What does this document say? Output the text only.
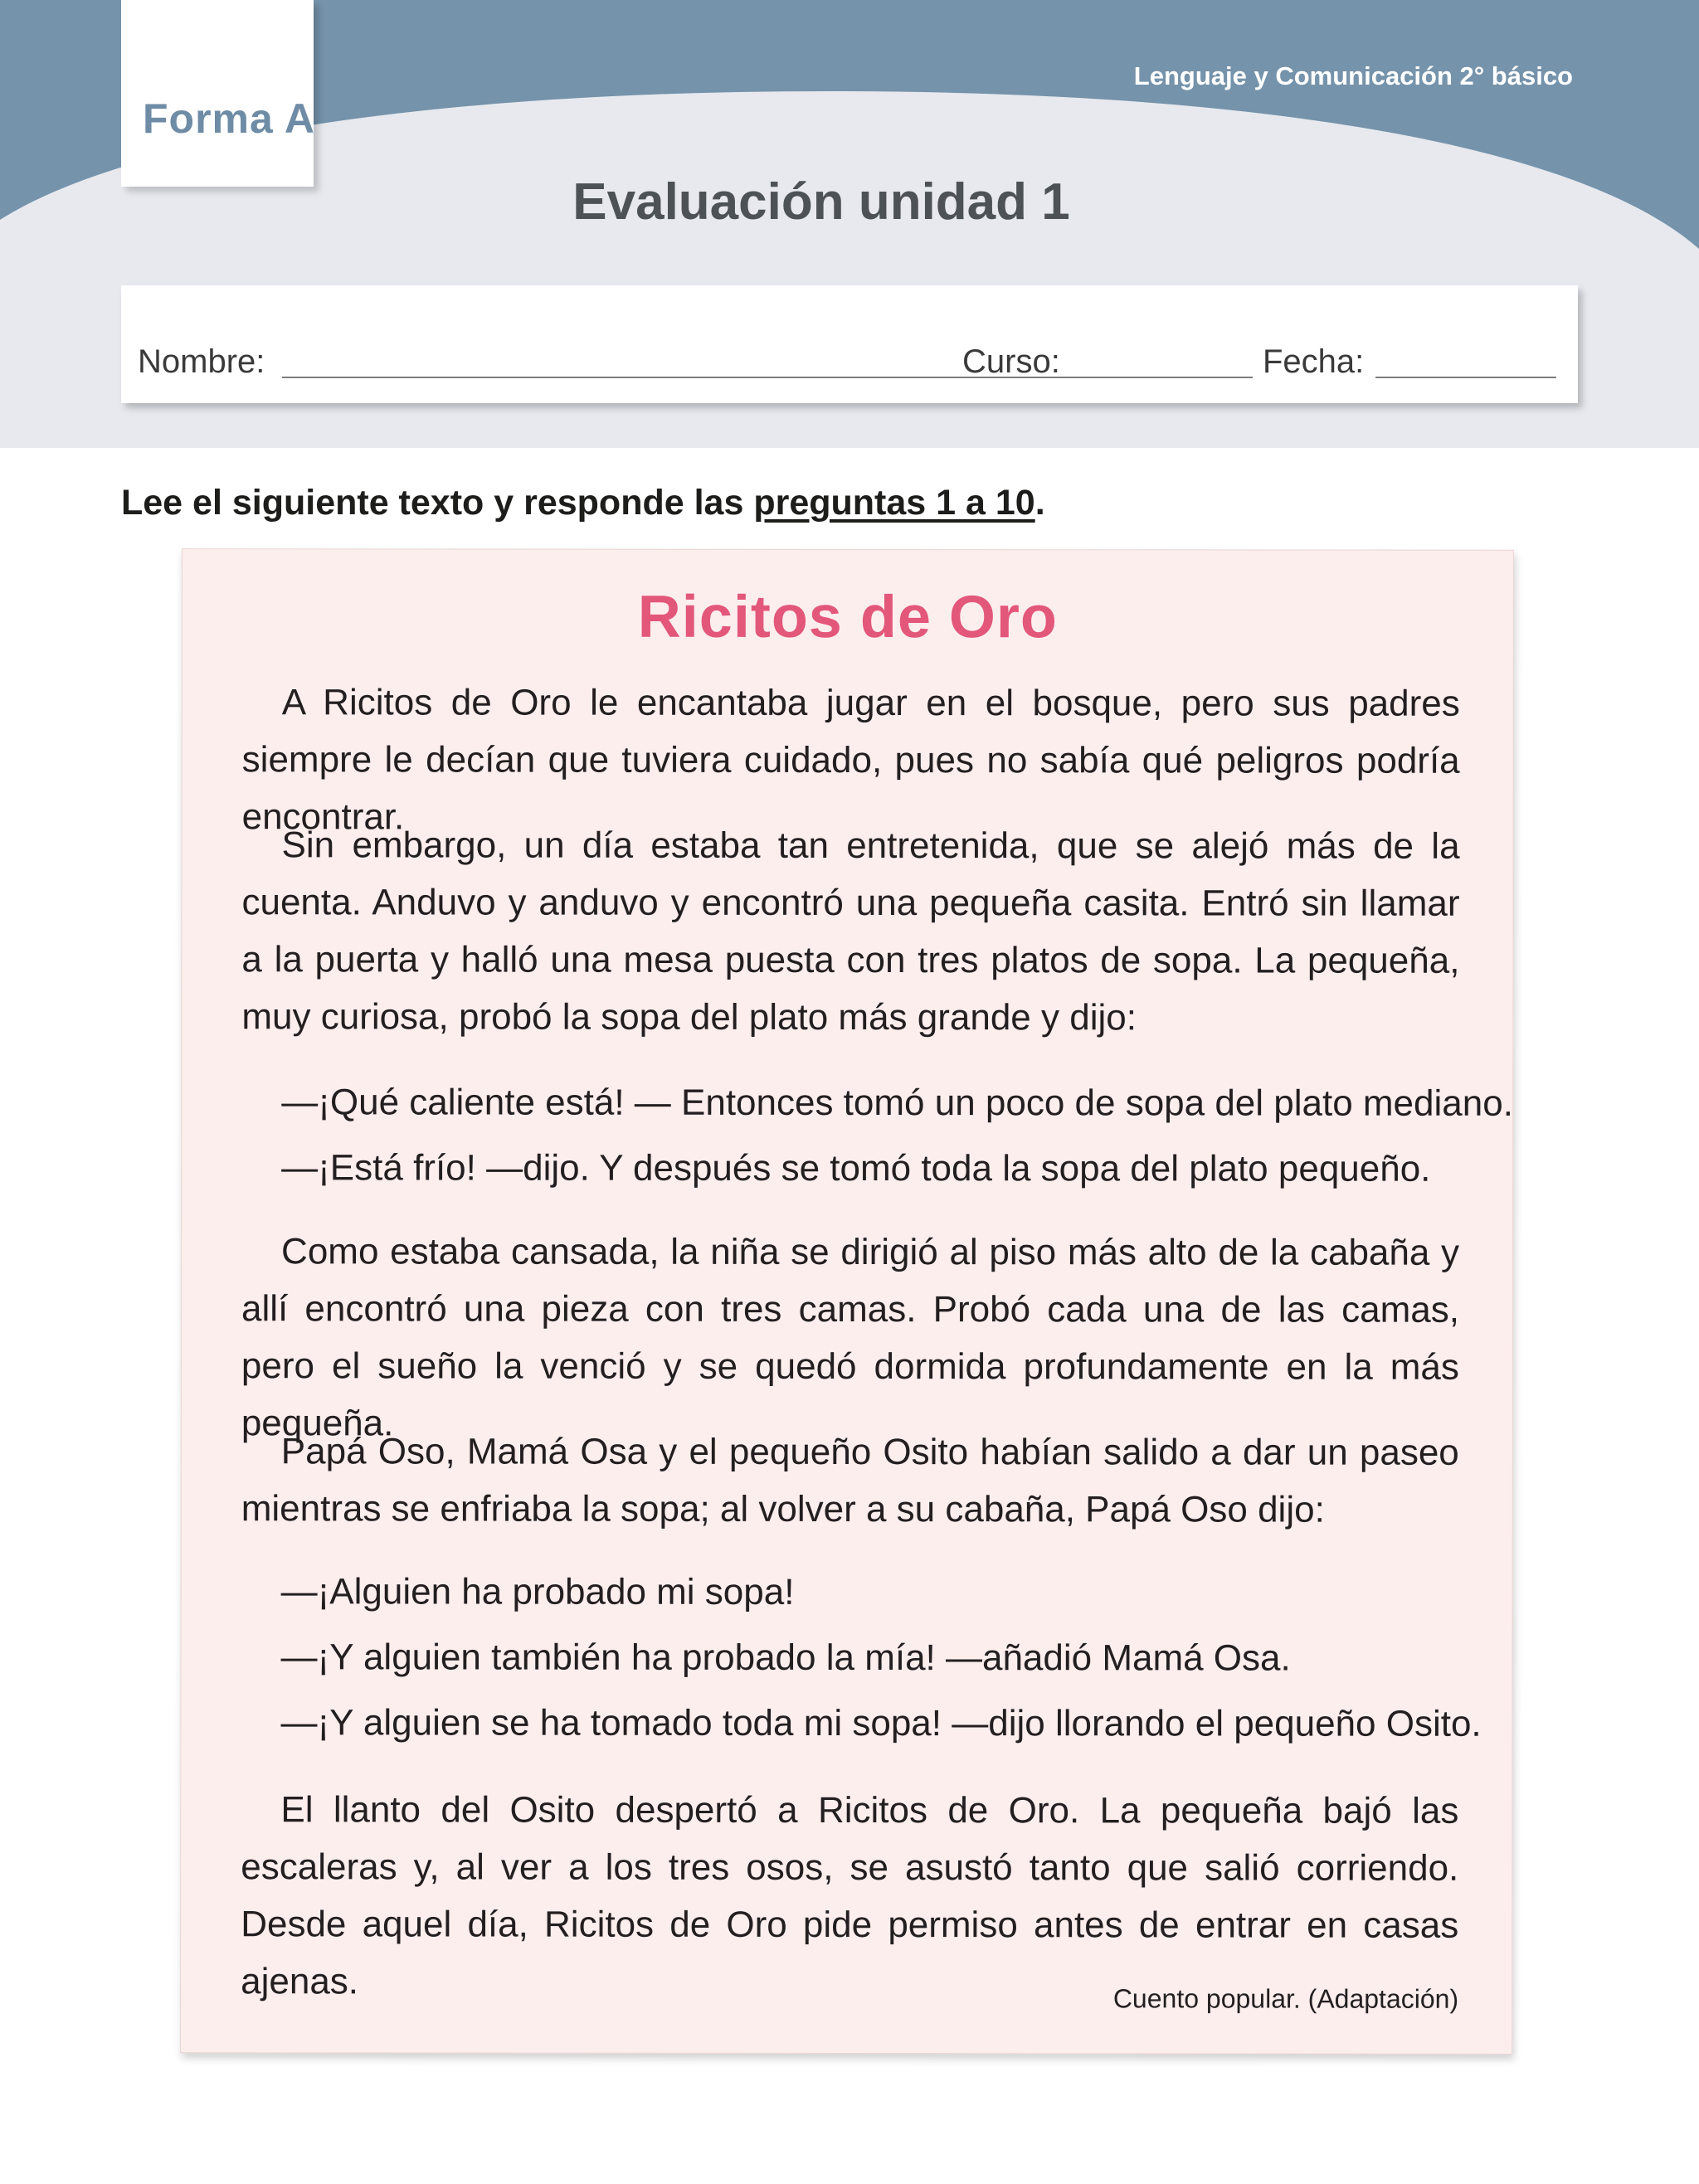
Forma A
Lenguaje y Comunicación 2° básico
Evaluación unidad 1
Nombre:	Curso:	Fecha:
Lee el siguiente texto y responde las preguntas 1 a 10.
Ricitos de Oro

A Ricitos de Oro le encantaba jugar en el bosque, pero sus padres siempre le decían que tuviera cuidado, pues no sabía qué peligros podría encontrar.

Sin embargo, un día estaba tan entretenida, que se alejó más de la cuenta. Anduvo y anduvo y encontró una pequeña casita. Entró sin llamar a la puerta y halló una mesa puesta con tres platos de sopa. La pequeña, muy curiosa, probó la sopa del plato más grande y dijo:

—¡Qué caliente está! — Entonces tomó un poco de sopa del plato mediano.

—¡Está frío! —dijo. Y después se tomó toda la sopa del plato pequeño.

Como estaba cansada, la niña se dirigió al piso más alto de la cabaña y allí encontró una pieza con tres camas. Probó cada una de las camas, pero el sueño la venció y se quedó dormida profundamente en la más pequeña.

Papá Oso, Mamá Osa y el pequeño Osito habían salido a dar un paseo mientras se enfriaba la sopa; al volver a su cabaña, Papá Oso dijo:

—¡Alguien ha probado mi sopa!

—¡Y alguien también ha probado la mía! —añadió Mamá Osa.

—¡Y alguien se ha tomado toda mi sopa! —dijo llorando el pequeño Osito.

El llanto del Osito despertó a Ricitos de Oro. La pequeña bajó las escaleras y, al ver a los tres osos, se asustó tanto que salió corriendo. Desde aquel día, Ricitos de Oro pide permiso antes de entrar en casas ajenas.	Cuento popular. (Adaptación)
